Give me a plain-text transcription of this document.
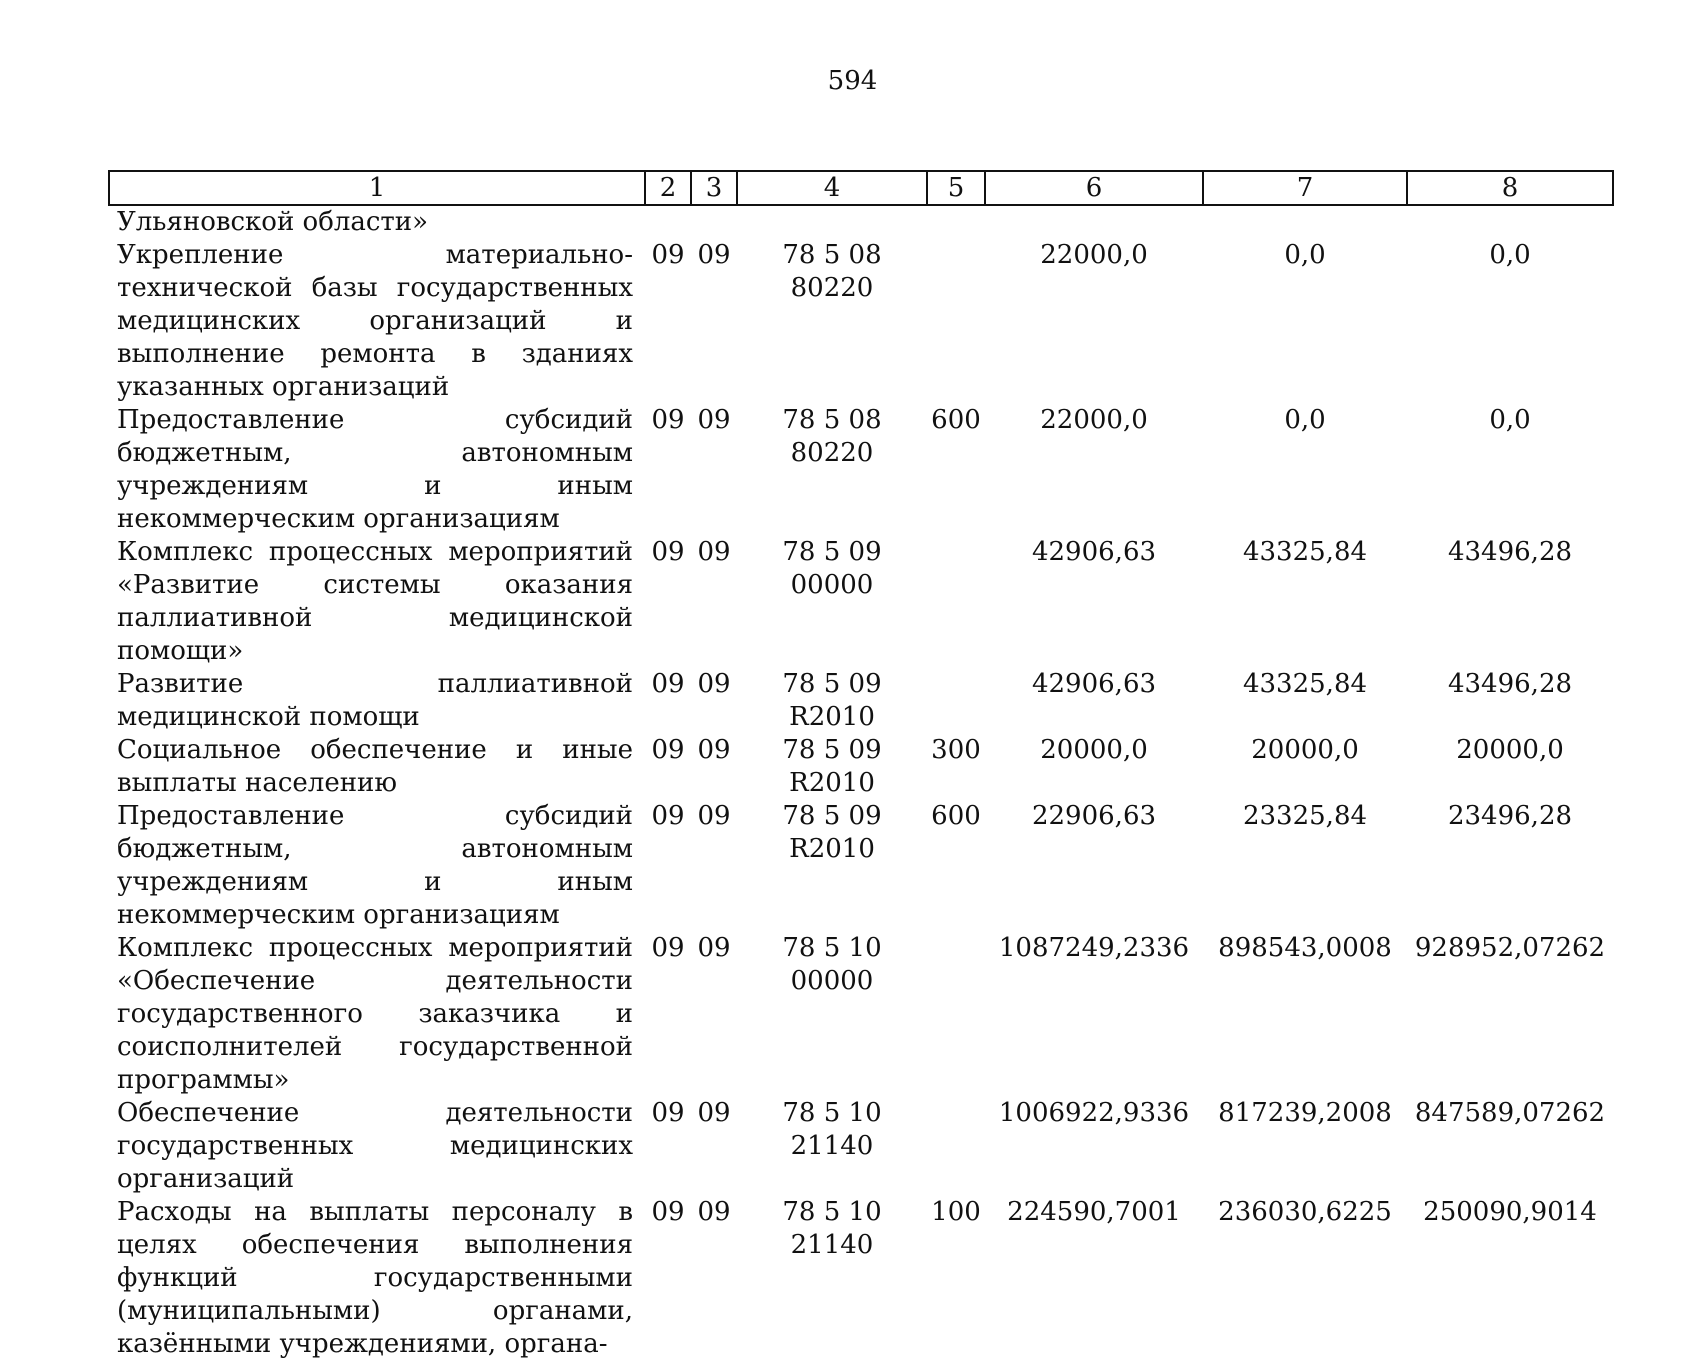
594
1	2	3	4	5	6	7	8
Ульяновской области»							
Укрепление материально-технической базы государственных медицинских организаций и выполнение ремонта в зданиях указанных организаций	09	09	78 5 08 80220		22000,0	0,0	0,0
Предоставление субсидий бюджетным, автономным учреждениям и иным некоммерческим организациям	09	09	78 5 08 80220	600	22000,0	0,0	0,0
Комплекс процессных мероприятий «Развитие системы оказания паллиативной медицинской помощи»	09	09	78 5 09 00000		42906,63	43325,84	43496,28
Развитие паллиативной медицинской помощи	09	09	78 5 09 R2010		42906,63	43325,84	43496,28
Социальное обеспечение и иные выплаты населению	09	09	78 5 09 R2010	300	20000,0	20000,0	20000,0
Предоставление субсидий бюджетным, автономным учреждениям и иным некоммерческим организациям	09	09	78 5 09 R2010	600	22906,63	23325,84	23496,28
Комплекс процессных мероприятий «Обеспечение деятельности государственного заказчика и соисполнителей государственной программы»	09	09	78 5 10 00000		1087249,2336	898543,0008	928952,07262
Обеспечение деятельности государственных медицинских организаций	09	09	78 5 10 21140		1006922,9336	817239,2008	847589,07262
Расходы на выплаты персоналу в целях обеспечения выполнения функций государственными (муниципальными) органами, казёнными учреждениями, органа-	09	09	78 5 10 21140	100	224590,7001	236030,6225	250090,9014
